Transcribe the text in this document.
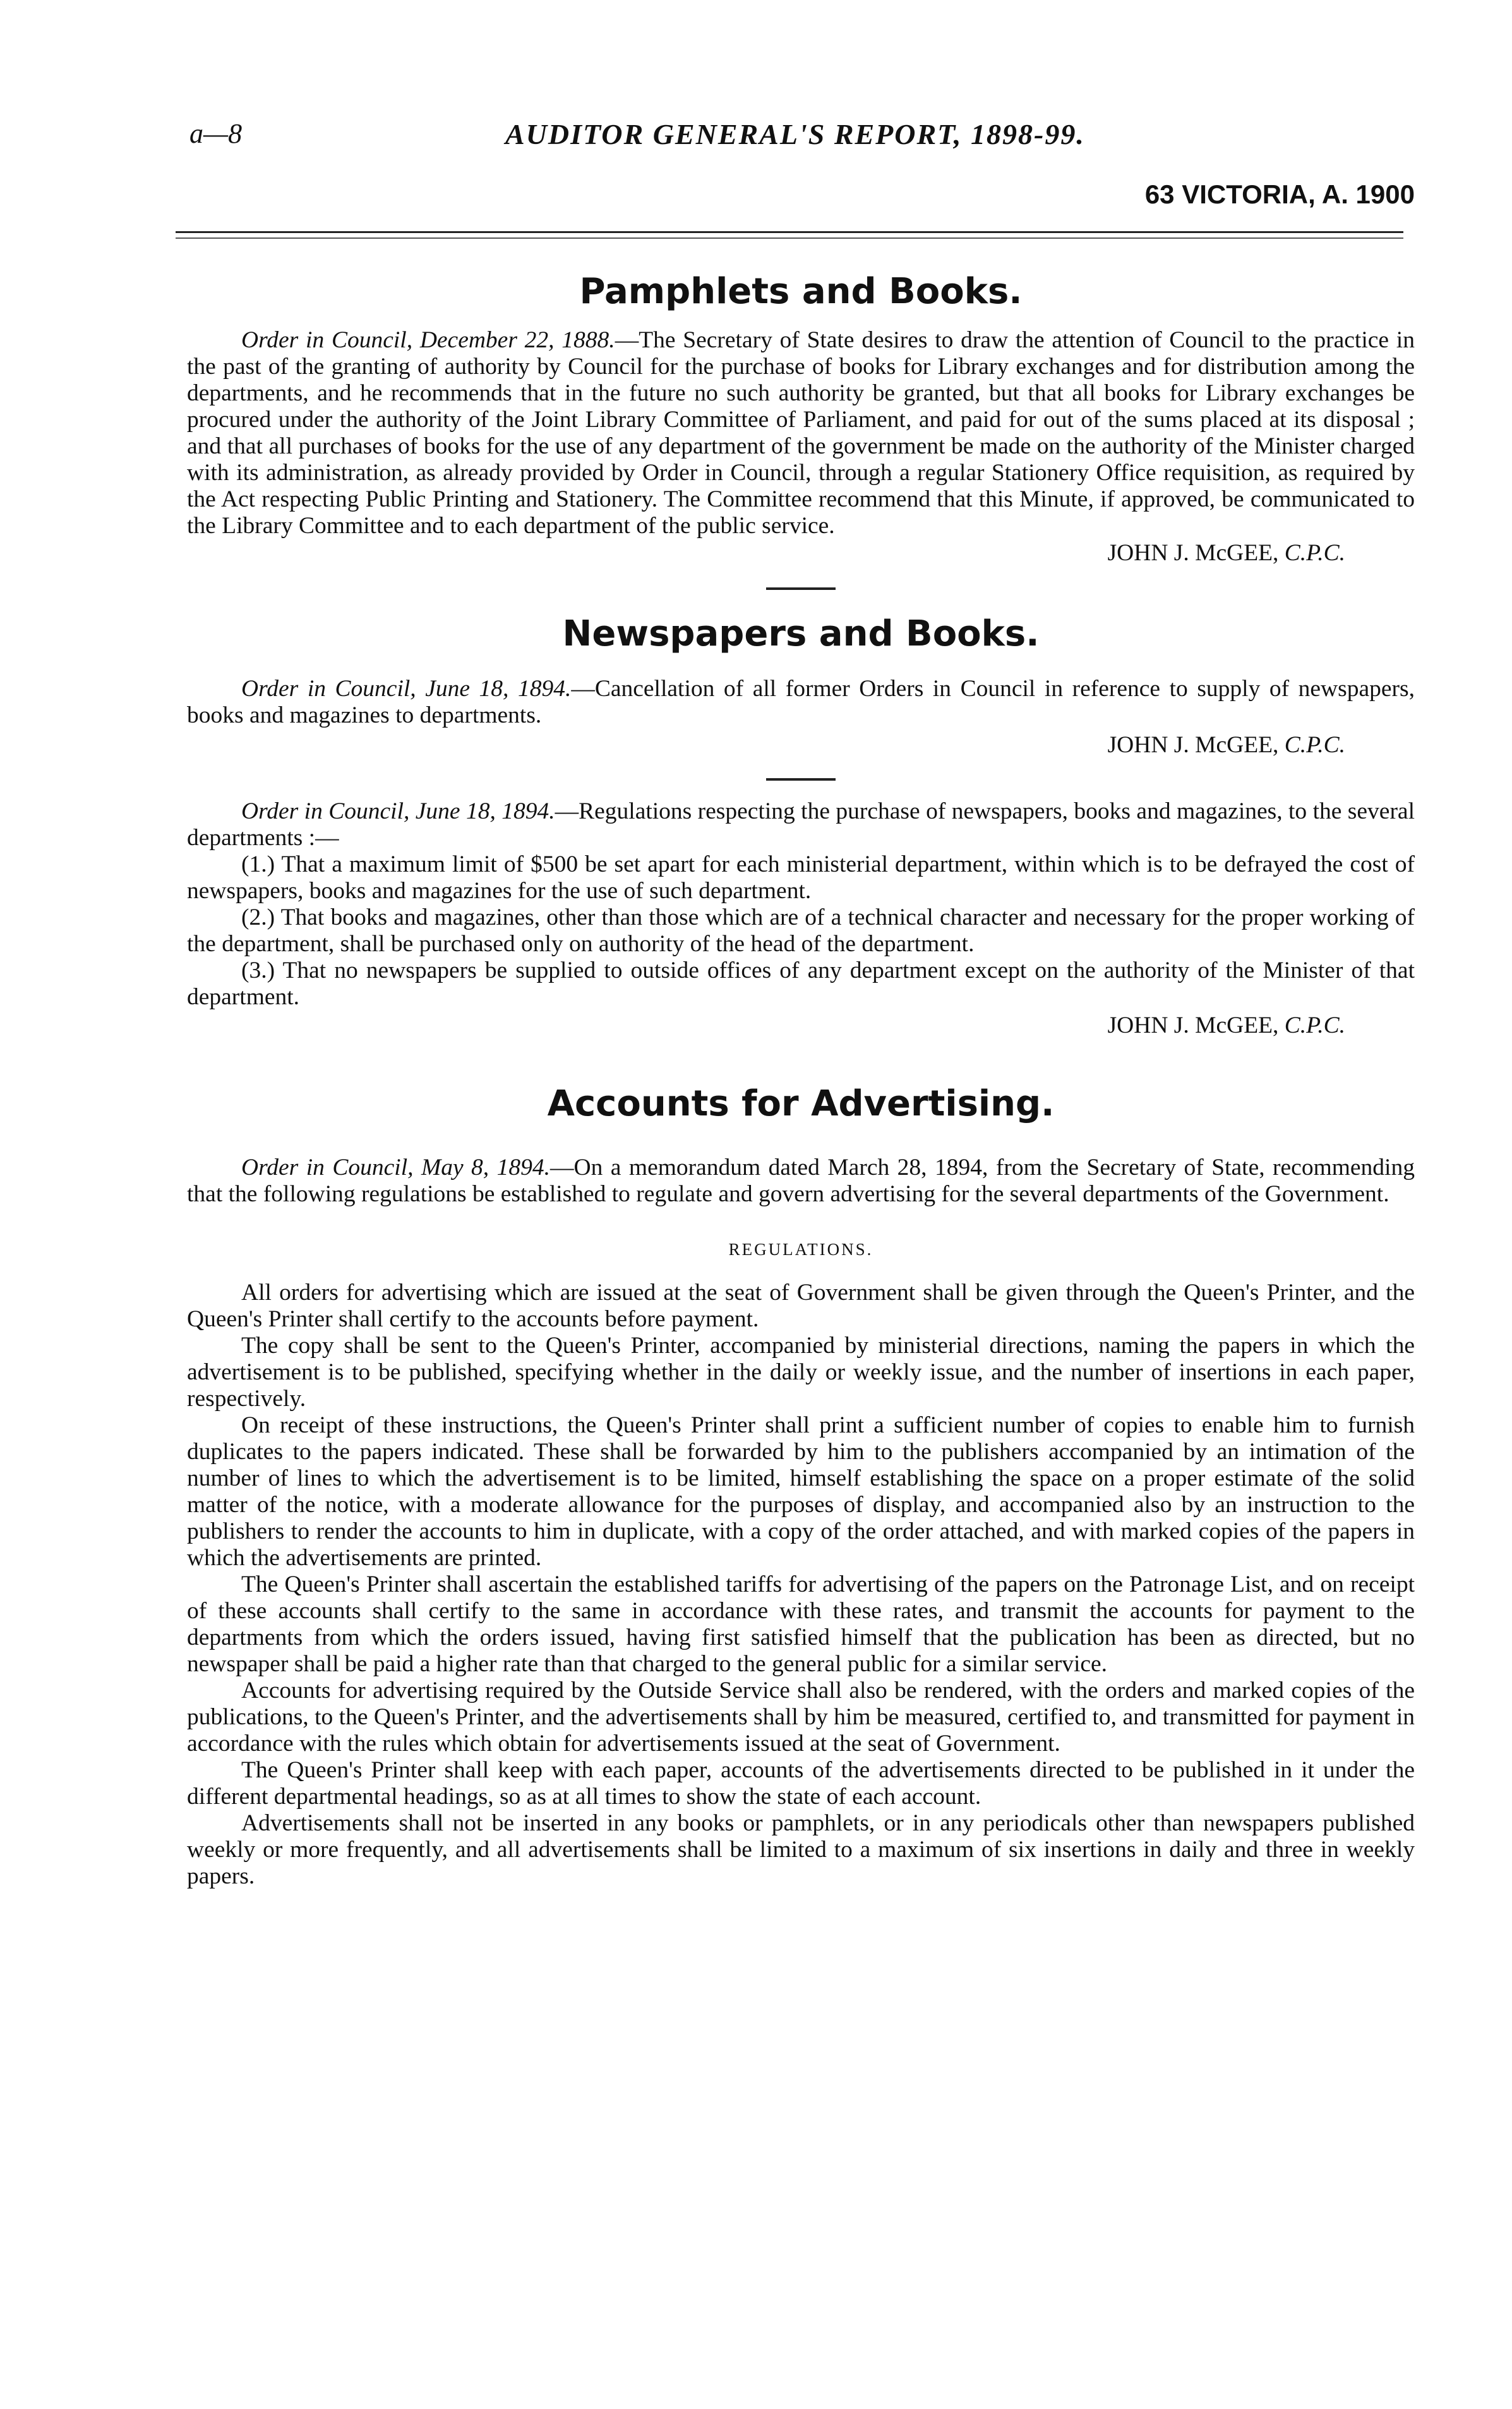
a—8	AUDITOR GENERAL'S REPORT, 1898-99.
63 VICTORIA, A. 1900
Pamphlets and Books.

Order in Council, December 22, 1888.—The Secretary of State desires to draw the attention of Council to the practice in the past of the granting of authority by Council for the purchase of books for Library exchanges and for distribution among the departments, and he recommends that in the future no such authority be granted, but that all books for Library exchanges be procured under the authority of the Joint Library Committee of Parliament, and paid for out of the sums placed at its disposal ; and that all purchases of books for the use of any department of the government be made on the authority of the Minister charged with its administration, as already provided by Order in Council, through a regular Stationery Office requisition, as required by the Act respecting Public Printing and Stationery. The Committee recommend that this Minute, if approved, be communicated to the Library Committee and to each department of the public service.

JOHN J. McGEE, C.P.C.
Newspapers and Books.

Order in Council, June 18, 1894.—Cancellation of all former Orders in Council in reference to supply of newspapers, books and magazines to departments.

JOHN J. McGEE, C.P.C.

Order in Council, June 18, 1894.—Regulations respecting the purchase of newspapers, books and magazines, to the several departments :—

(1.) That a maximum limit of $500 be set apart for each ministerial department, within which is to be defrayed the cost of newspapers, books and magazines for the use of such department.

(2.) That books and magazines, other than those which are of a technical character and necessary for the proper working of the department, shall be purchased only on authority of the head of the department.

(3.) That no newspapers be supplied to outside offices of any department except on the authority of the Minister of that department.

JOHN J. McGEE, C.P.C.
Accounts for Advertising.

Order in Council, May 8, 1894.—On a memorandum dated March 28, 1894, from the Secretary of State, recommending that the following regulations be established to regulate and govern advertising for the several departments of the Government.

REGULATIONS.

All orders for advertising which are issued at the seat of Government shall be given through the Queen's Printer, and the Queen's Printer shall certify to the accounts before payment.

The copy shall be sent to the Queen's Printer, accompanied by ministerial directions, naming the papers in which the advertisement is to be published, specifying whether in the daily or weekly issue, and the number of insertions in each paper, respectively.

On receipt of these instructions, the Queen's Printer shall print a sufficient number of copies to enable him to furnish duplicates to the papers indicated. These shall be forwarded by him to the publishers accompanied by an intimation of the number of lines to which the advertisement is to be limited, himself establishing the space on a proper estimate of the solid matter of the notice, with a moderate allowance for the purposes of display, and accompanied also by an instruction to the publishers to render the accounts to him in duplicate, with a copy of the order attached, and with marked copies of the papers in which the advertisements are printed.

The Queen's Printer shall ascertain the established tariffs for advertising of the papers on the Patronage List, and on receipt of these accounts shall certify to the same in accordance with these rates, and transmit the accounts for payment to the departments from which the orders issued, having first satisfied himself that the publication has been as directed, but no newspaper shall be paid a higher rate than that charged to the general public for a similar service.

Accounts for advertising required by the Outside Service shall also be rendered, with the orders and marked copies of the publications, to the Queen's Printer, and the advertisements shall by him be measured, certified to, and transmitted for payment in accordance with the rules which obtain for advertisements issued at the seat of Government.

The Queen's Printer shall keep with each paper, accounts of the advertisements directed to be published in it under the different departmental headings, so as at all times to show the state of each account.

Advertisements shall not be inserted in any books or pamphlets, or in any periodicals other than newspapers published weekly or more frequently, and all advertisements shall be limited to a maximum of six insertions in daily and three in weekly papers.
